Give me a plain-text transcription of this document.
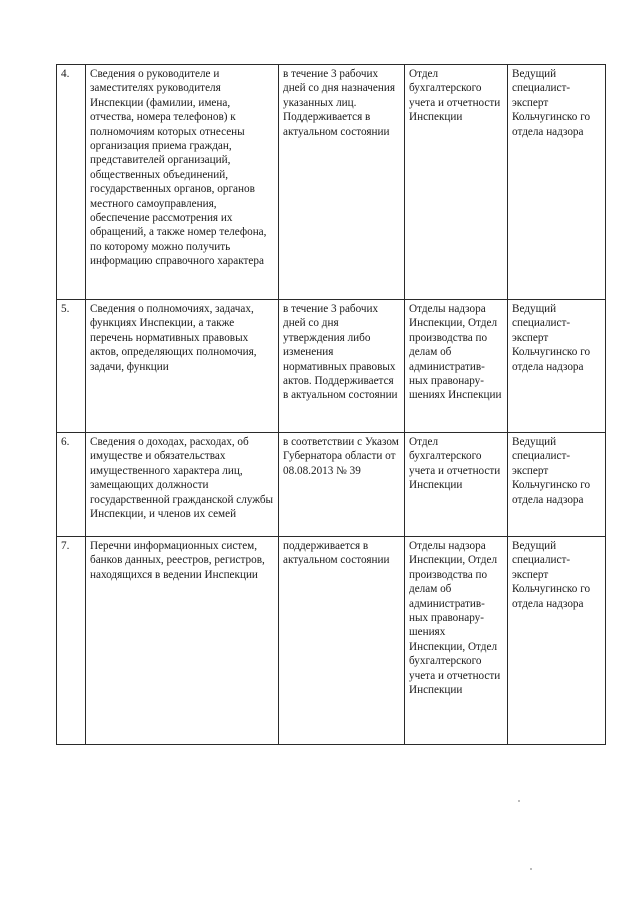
4.	Сведения о руководителе и заместителях руководителя Инспекции (фамилии, имена, отчества, номера телефонов) к полномочиям которых отнесены организация приема граждан, представителей организаций, общественных объединений, государственных органов, органов местного самоуправления, обеспечение рассмотрения их обращений, а также номер телефона, по которому можно получить информацию справочного характера	в течение 3 рабочих дней со дня назначения указанных лиц. Поддерживается в актуальном состоянии	Отдел бухгалтерского учета и отчетности Инспекции	Ведущий специалист-эксперт Кольчугинско го отдела надзора
5.	Сведения о полномочиях, задачах, функциях Инспекции, а также перечень нормативных правовых актов, определяющих полномочия, задачи, функции	в течение 3 рабочих дней со дня утверждения либо изменения нормативных правовых актов. Поддерживается в актуальном состоянии	Отделы надзора Инспекции, Отдел производства по делам об административ-ных правонару-шениях Инспекции	Ведущий специалист-эксперт Кольчугинско го отдела надзора
6.	Сведения о доходах, расходах, об имуществе и обязательствах имущественного характера лиц, замещающих должности государственной гражданской службы Инспекции, и членов их семей	в соответствии с Указом Губернатора области от 08.08.2013 № 39	Отдел бухгалтерского учета и отчетности Инспекции	Ведущий специалист-эксперт Кольчугинско го отдела надзора
7.	Перечни информационных систем, банков данных, реестров, регистров, находящихся в ведении Инспекции	поддерживается в актуальном состоянии	Отделы надзора Инспекции, Отдел производства по делам об административ-ных правонару-шениях Инспекции, Отдел бухгалтерского учета и отчетности Инспекции	Ведущий специалист-эксперт Кольчугинско го отдела надзора
